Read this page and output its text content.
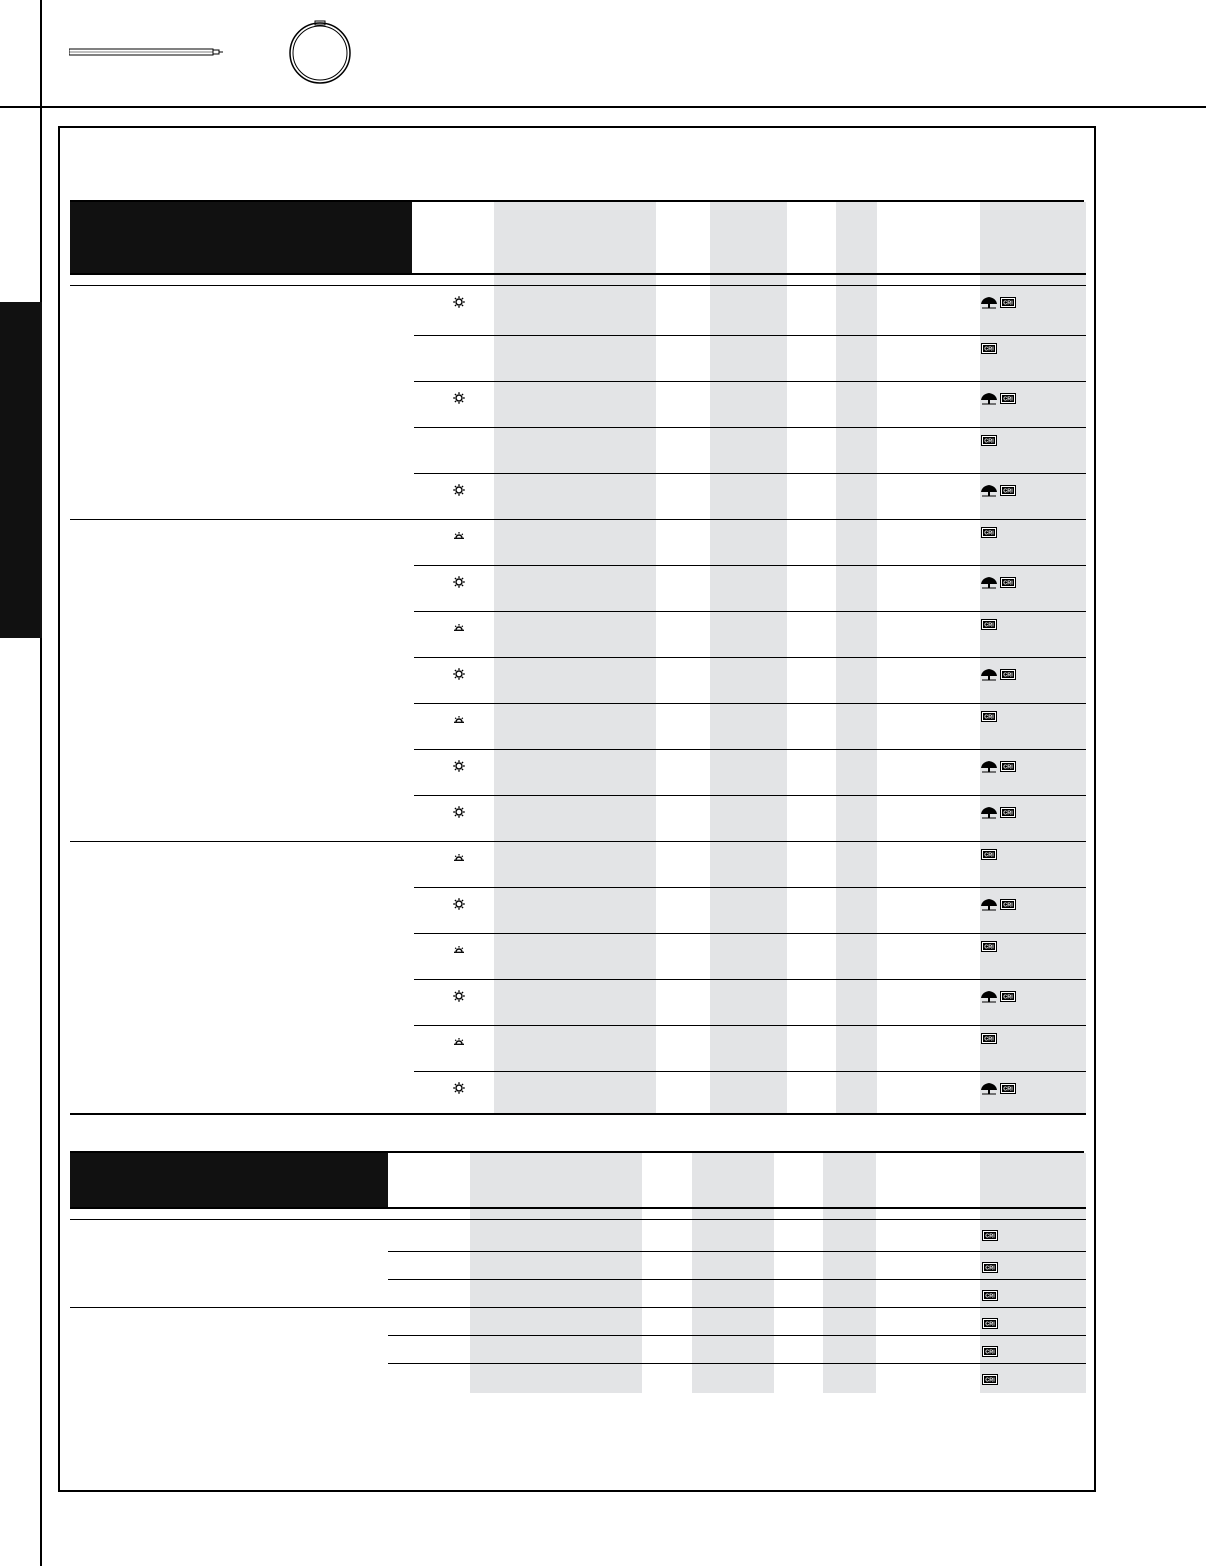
CRI
CRI
CRI
CRI
CRI
CRI
CRI
CRI
CRI
CRI
CRI
CRI
CRI
CRI
CRI
CRI
CRI
CRI
CRI
CRI
CRI
CRI
CRI
CRI
